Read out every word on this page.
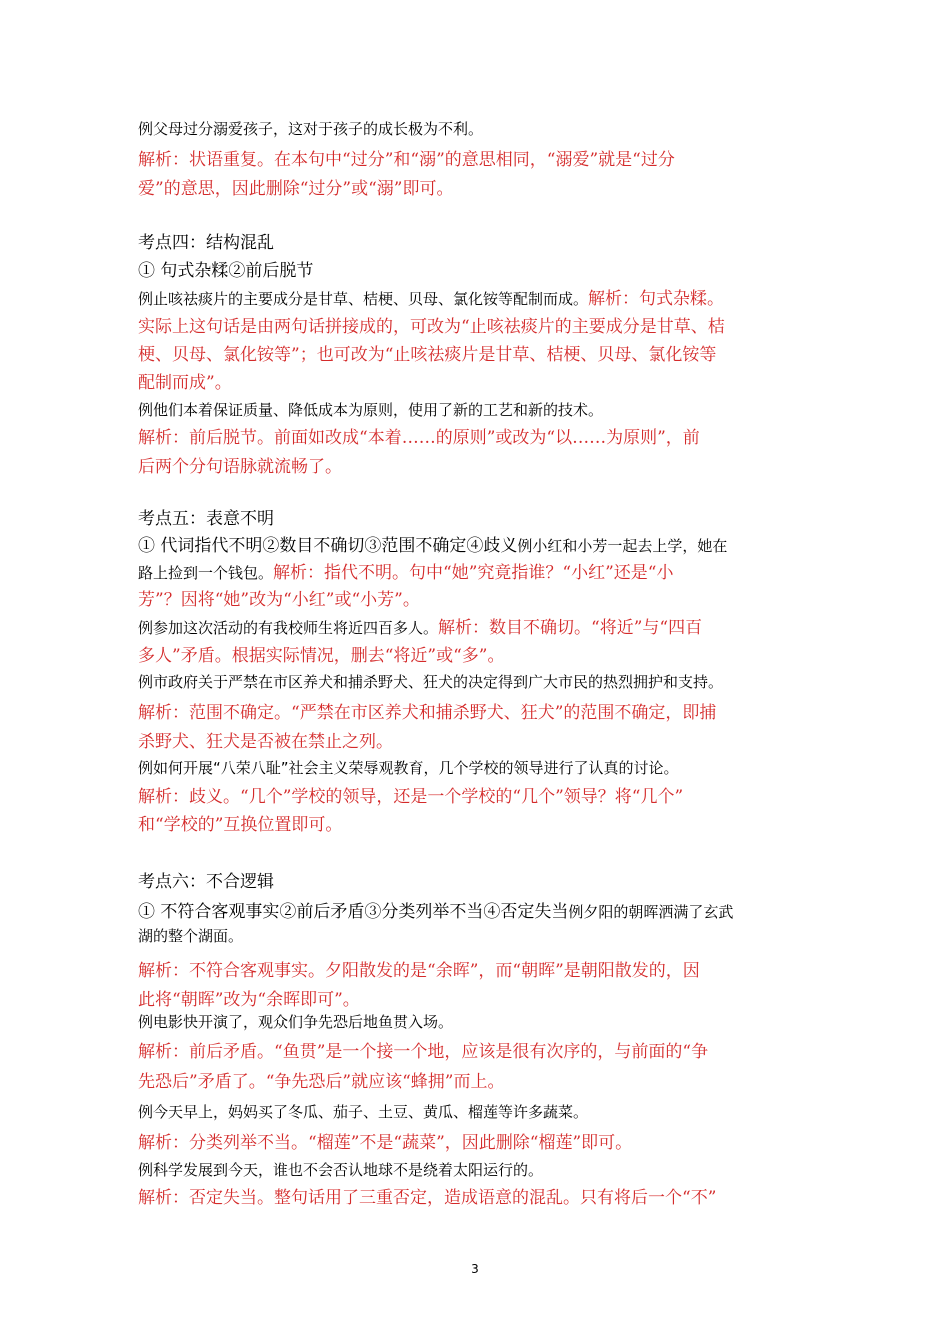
例父母过分溺爱孩子，这对于孩子的成长极为不利。
解析：状语重复。在本句中“过分”和“溺”的意思相同，“溺爱”就是“过分
爱”的意思，因此删除“过分”或“溺”即可。
考点四：结构混乱
① 句式杂糅②前后脱节
例止咳祛痰片的主要成分是甘草、桔梗、贝母、氯化铵等配制而成。解析：句式杂糅。
实际上这句话是由两句话拼接成的，可改为“止咳祛痰片的主要成分是甘草、桔
梗、贝母、氯化铵等”；也可改为“止咳祛痰片是甘草、桔梗、贝母、氯化铵等
配制而成”。
例他们本着保证质量、降低成本为原则，使用了新的工艺和新的技术。
解析：前后脱节。前面如改成“本着……的原则”或改为“以……为原则”，前
后两个分句语脉就流畅了。
考点五：表意不明
① 代词指代不明②数目不确切③范围不确定④歧义例小红和小芳一起去上学，她在
路上捡到一个钱包。解析：指代不明。句中“她”究竟指谁？“小红”还是“小
芳”？因将“她”改为“小红”或“小芳”。
例参加这次活动的有我校师生将近四百多人。解析：数目不确切。“将近”与“四百
多人”矛盾。根据实际情况，删去“将近”或“多”。
例市政府关于严禁在市区养犬和捕杀野犬、狂犬的决定得到广大市民的热烈拥护和支持。
解析：范围不确定。“严禁在市区养犬和捕杀野犬、狂犬”的范围不确定，即捕
杀野犬、狂犬是否被在禁止之列。
例如何开展“八荣八耻”社会主义荣辱观教育，几个学校的领导进行了认真的讨论。
解析：歧义。“几个”学校的领导，还是一个学校的“几个”领导？将“几个”
和“学校的”互换位置即可。
考点六：不合逻辑
① 不符合客观事实②前后矛盾③分类列举不当④否定失当例夕阳的朝晖洒满了玄武
湖的整个湖面。
解析：不符合客观事实。夕阳散发的是“余晖”，而“朝晖”是朝阳散发的，因
此将“朝晖”改为“余晖即可”。
例电影快开演了，观众们争先恐后地鱼贯入场。
解析：前后矛盾。“鱼贯”是一个接一个地，应该是很有次序的，与前面的“争
先恐后”矛盾了。“争先恐后”就应该“蜂拥”而上。
例今天早上，妈妈买了冬瓜、茄子、土豆、黄瓜、榴莲等许多蔬菜。
解析：分类列举不当。“榴莲”不是“蔬菜”，因此删除“榴莲”即可。
例科学发展到今天，谁也不会否认地球不是绕着太阳运行的。
解析：否定失当。整句话用了三重否定，造成语意的混乱。只有将后一个“不”
3
